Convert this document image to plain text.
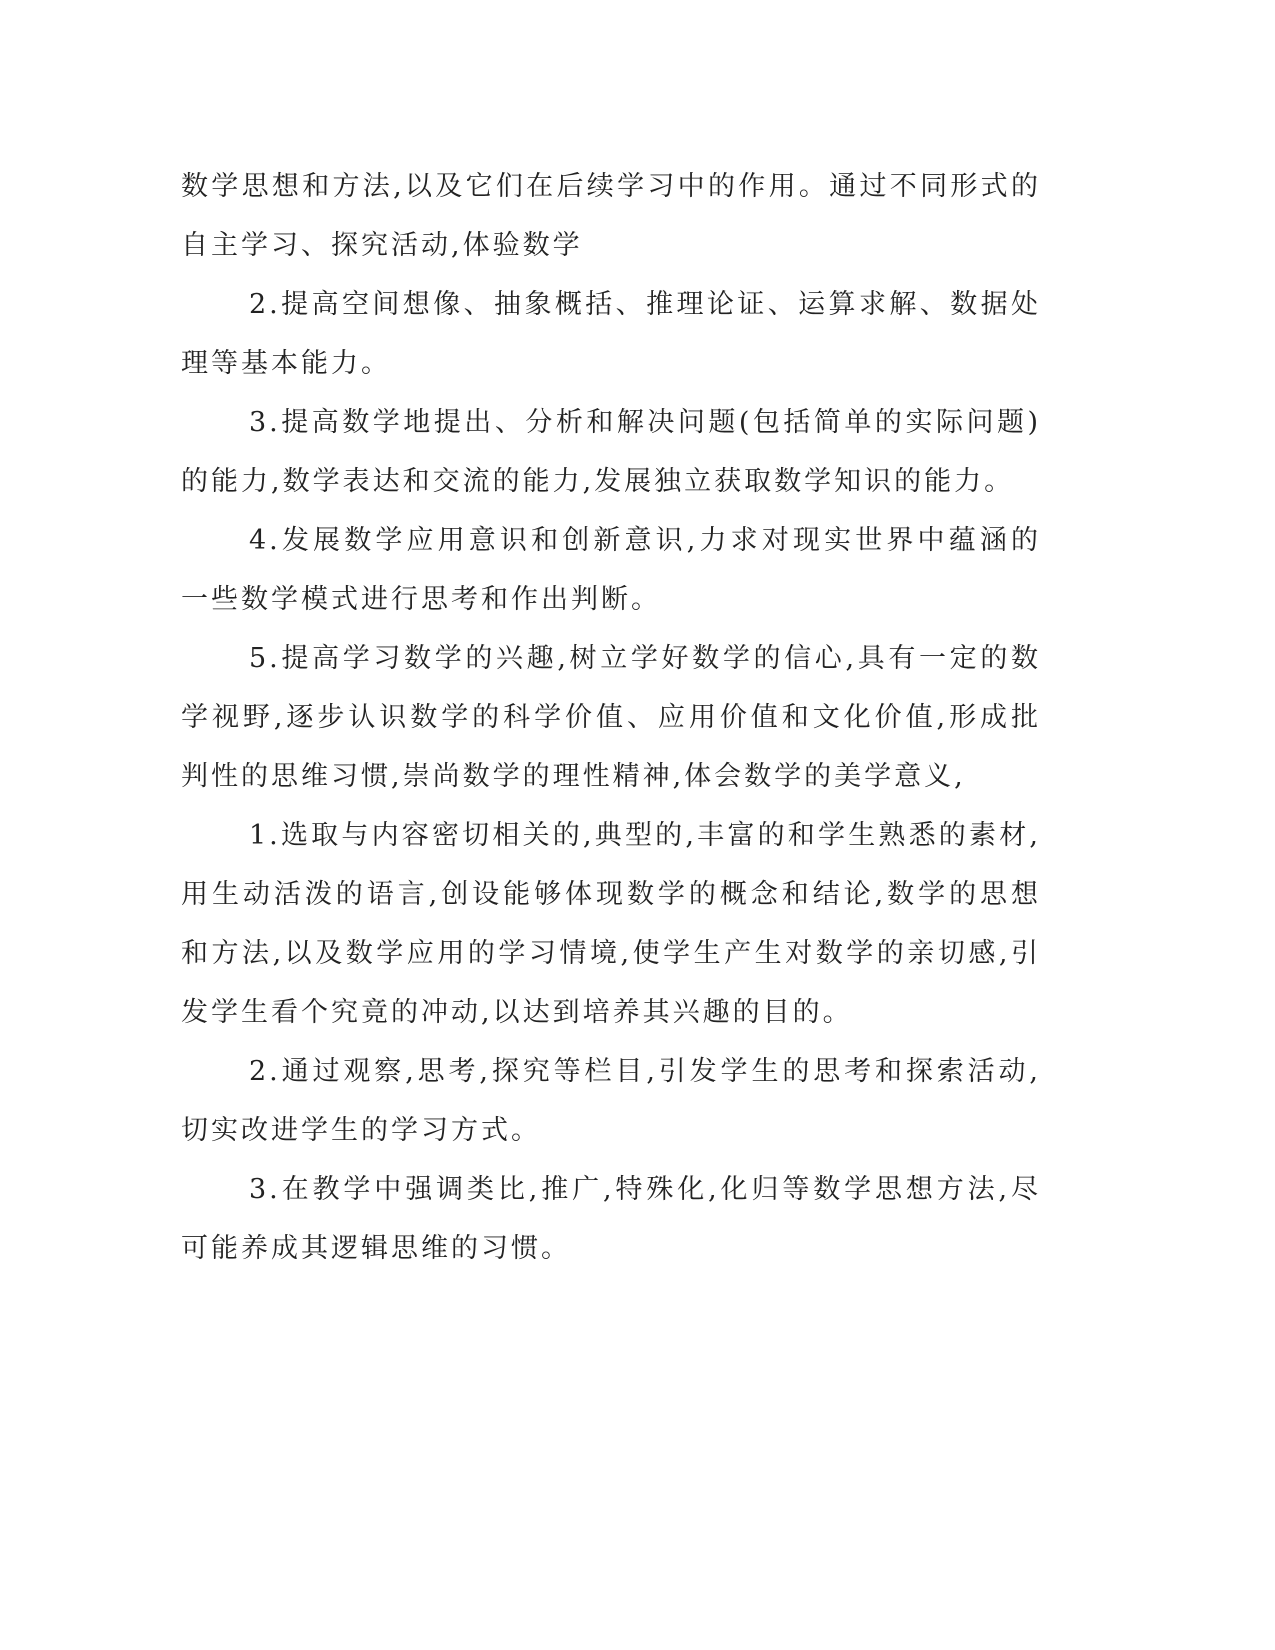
数学思想和方法,以及它们在后续学习中的作用。通过不同形式的自主学习、探究活动,体验数学

2.提高空间想像、抽象概括、推理论证、运算求解、数据处理等基本能力。

3.提高数学地提出、分析和解决问题(包括简单的实际问题)的能力,数学表达和交流的能力,发展独立获取数学知识的能力。

4.发展数学应用意识和创新意识,力求对现实世界中蕴涵的一些数学模式进行思考和作出判断。

5.提高学习数学的兴趣,树立学好数学的信心,具有一定的数学视野,逐步认识数学的科学价值、应用价值和文化价值,形成批判性的思维习惯,崇尚数学的理性精神,体会数学的美学意义,

1.选取与内容密切相关的,典型的,丰富的和学生熟悉的素材,用生动活泼的语言,创设能够体现数学的概念和结论,数学的思想和方法,以及数学应用的学习情境,使学生产生对数学的亲切感,引发学生看个究竟的冲动,以达到培养其兴趣的目的。

2.通过观察,思考,探究等栏目,引发学生的思考和探索活动,切实改进学生的学习方式。

3.在教学中强调类比,推广,特殊化,化归等数学思想方法,尽可能养成其逻辑思维的习惯。
